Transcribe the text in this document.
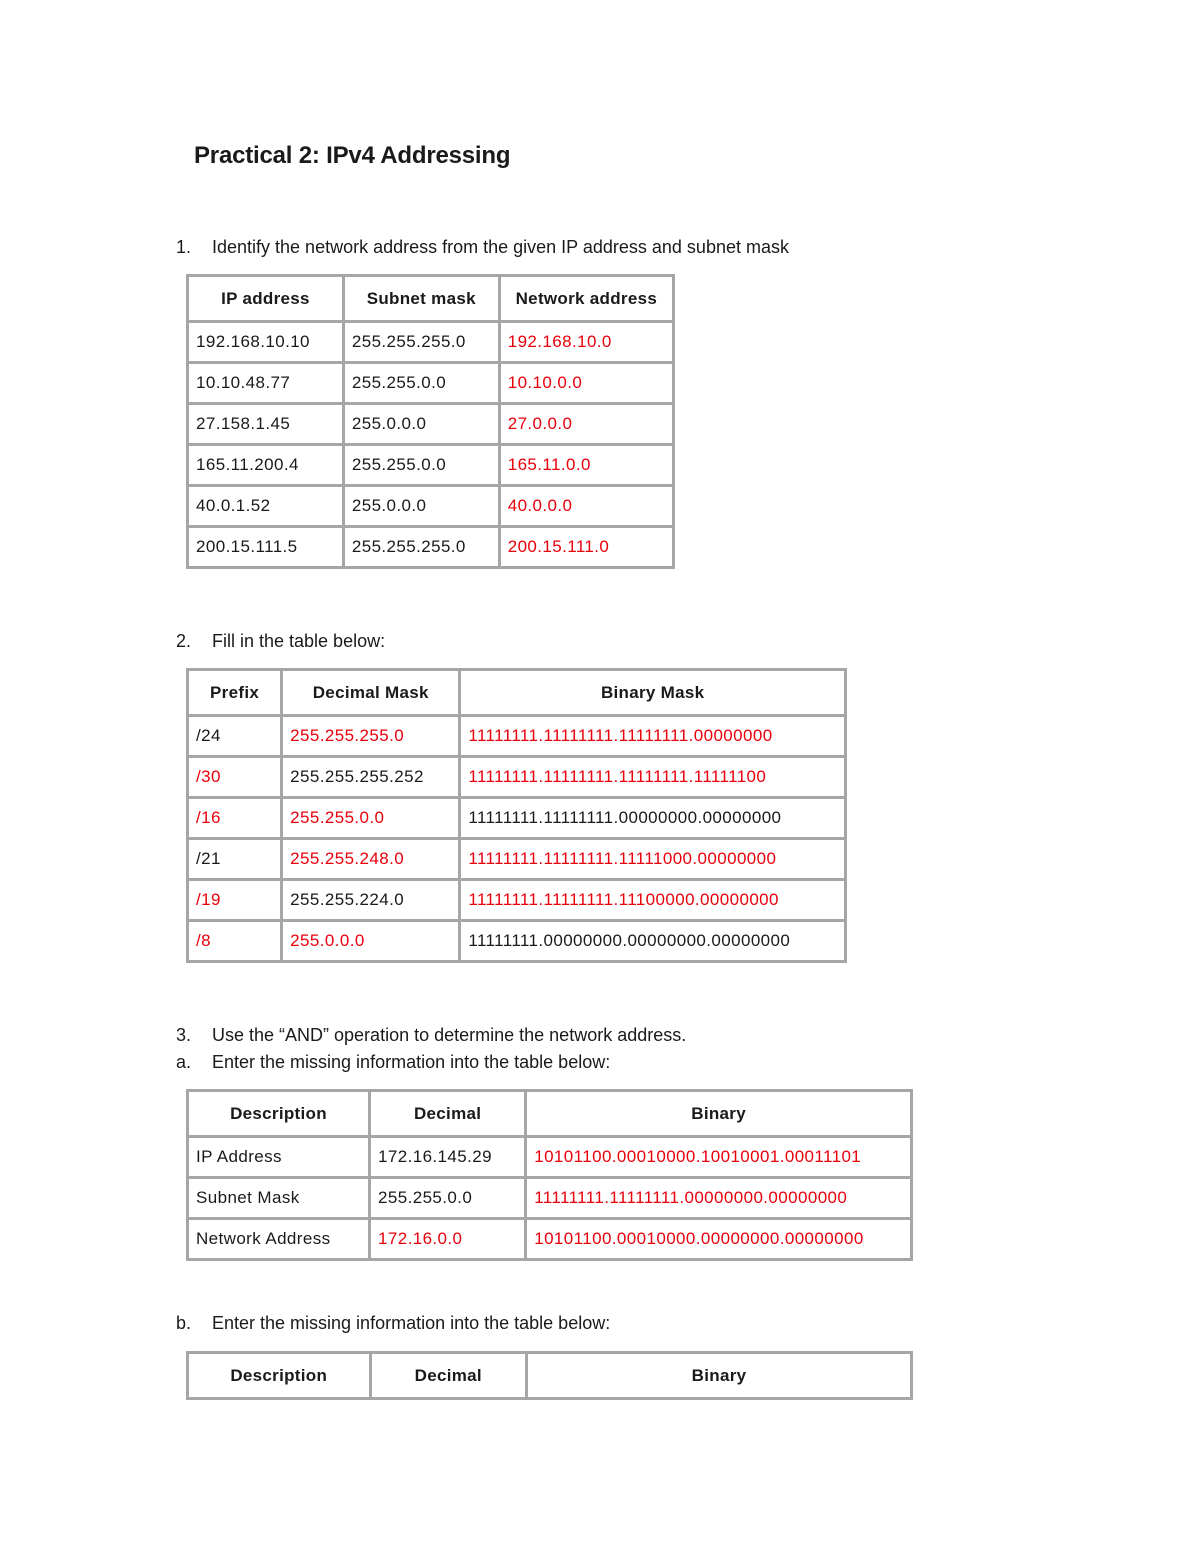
Practical 2: IPv4 Addressing
1. Identify the network address from the given IP address and subnet mask
IP address	Subnet mask	Network address
192.168.10.10	255.255.255.0	192.168.10.0
10.10.48.77	255.255.0.0	10.10.0.0
27.158.1.45	255.0.0.0	27.0.0.0
165.11.200.4	255.255.0.0	165.11.0.0
40.0.1.52	255.0.0.0	40.0.0.0
200.15.111.5	255.255.255.0	200.15.111.0
2. Fill in the table below:
Prefix	Decimal Mask	Binary Mask
/24	255.255.255.0	11111111.11111111.11111111.00000000
/30	255.255.255.252	11111111.11111111.11111111.11111100
/16	255.255.0.0	11111111.11111111.00000000.00000000
/21	255.255.248.0	11111111.11111111.11111000.00000000
/19	255.255.224.0	11111111.11111111.11100000.00000000
/8	255.0.0.0	11111111.00000000.00000000.00000000
3. Use the “AND” operation to determine the network address.
a. Enter the missing information into the table below:
Description	Decimal	Binary
IP Address	172.16.145.29	10101100.00010000.10010001.00011101
Subnet Mask	255.255.0.0	11111111.11111111.00000000.00000000
Network Address	172.16.0.0	10101100.00010000.00000000.00000000
b. Enter the missing information into the table below:
Description	Decimal	Binary
